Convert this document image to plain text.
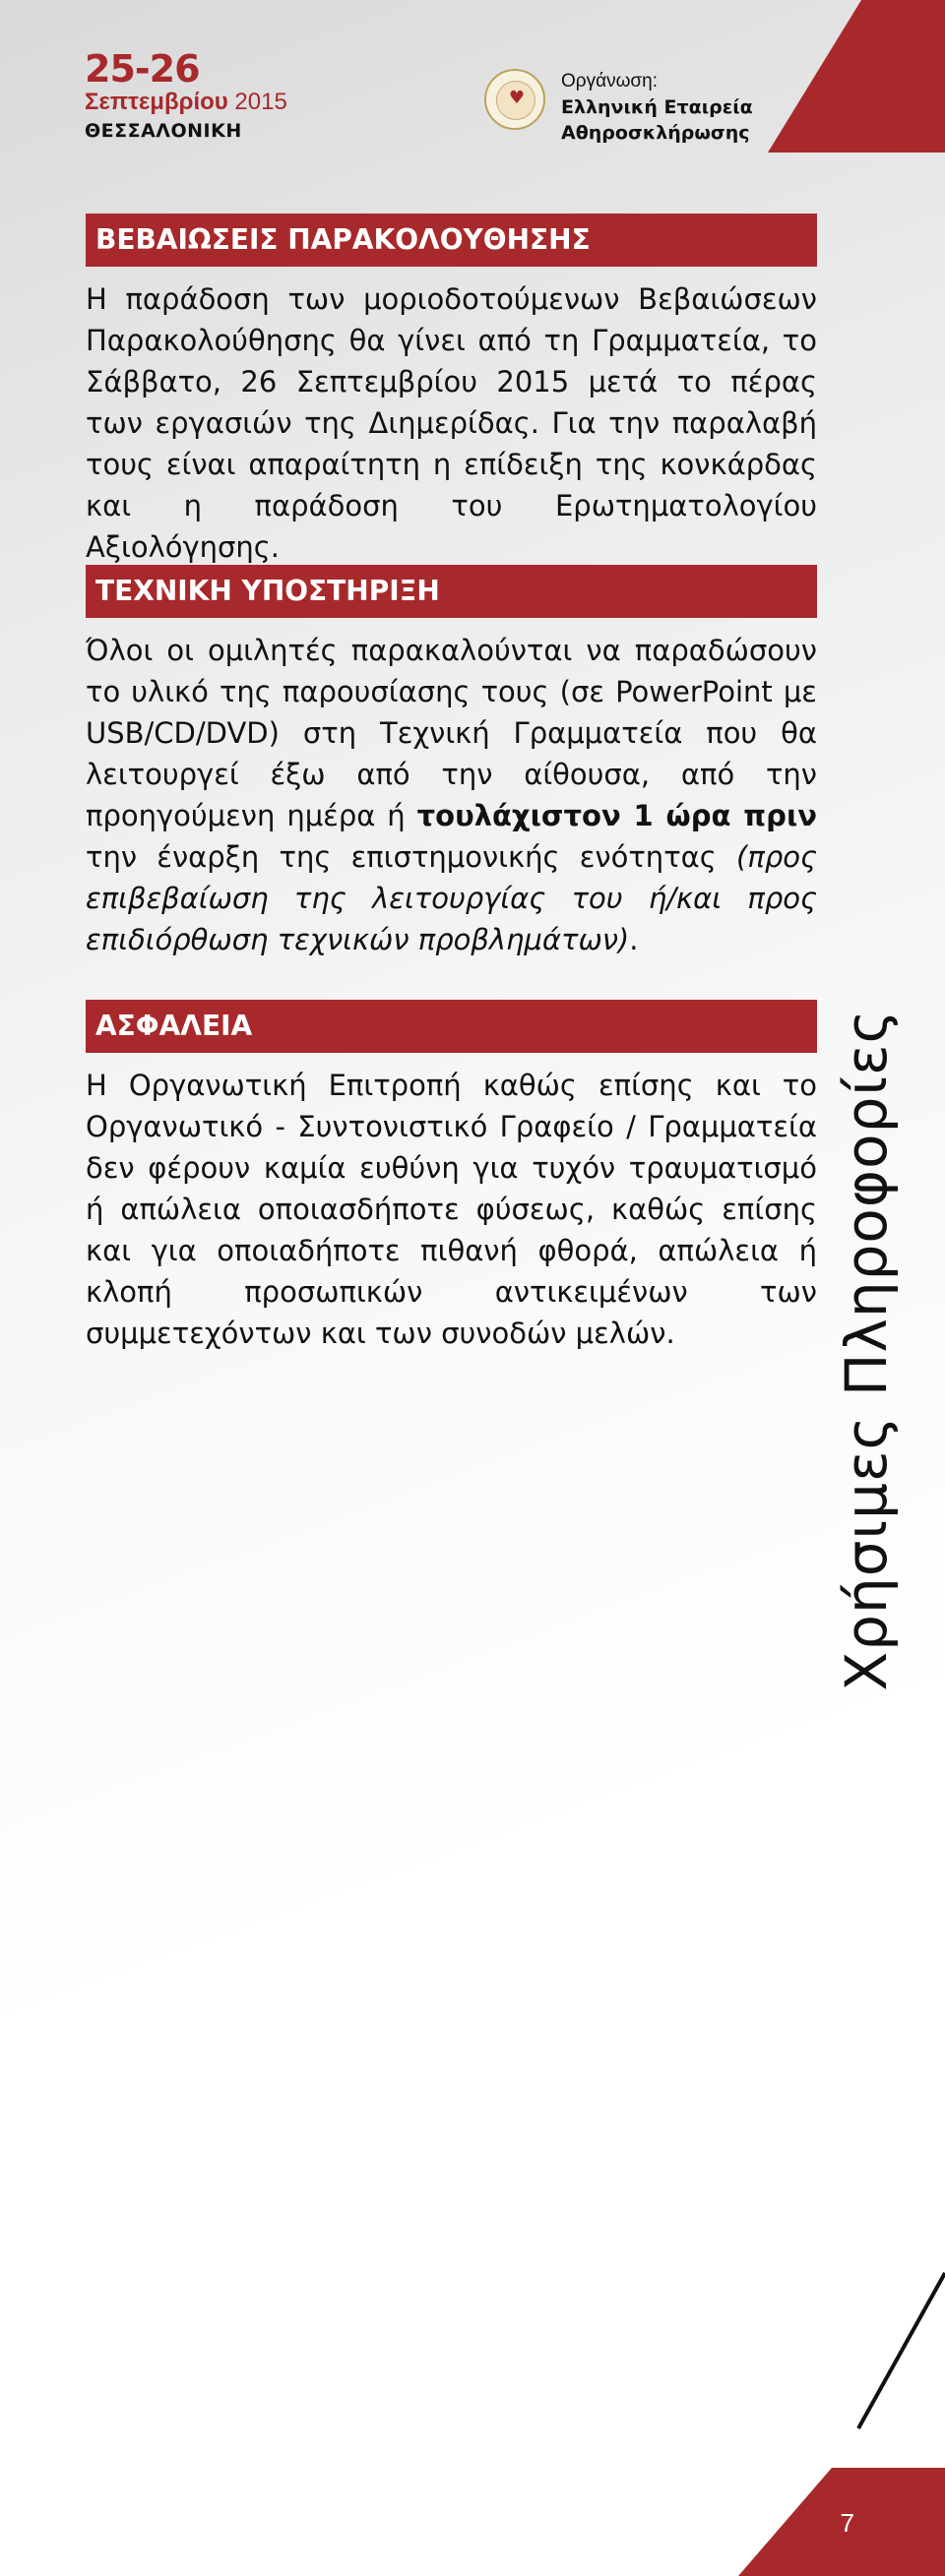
25-26
Σεπτεμβρίου 2015
ΘΕΣΣΑΛΟΝΙΚΗ
♥
Οργάνωση:
Ελληνική Εταιρεία
Αθηροσκλήρωσης
ΒΕΒΑΙΩΣΕΙΣ ΠΑΡΑΚΟΛΟΥΘΗΣΗΣ
Η παράδοση των μοριοδοτούμενων Βεβαιώσεων Παρακολούθησης θα γίνει από τη Γραμματεία, το Σάββατο, 26 Σεπτεμβρίου 2015 μετά το πέρας των εργασιών της Διημερίδας. Για την παραλαβή τους είναι απαραίτητη η επίδειξη της κονκάρδας και η παράδοση του Ερωτηματολογίου Αξιολόγησης.
ΤΕΧΝΙΚΗ ΥΠΟΣΤΗΡΙΞΗ
Όλοι οι ομιλητές παρακαλούνται να παραδώσουν το υλικό της παρουσίασης τους (σε PowerPoint με USB/CD/DVD) στη Τεχνική Γραμματεία που θα λειτουργεί έξω από την αίθουσα, από την προηγούμενη ημέρα ή τουλάχιστον 1 ώρα πριν την έναρξη της επιστημονικής ενότητας (προς επιβεβαίωση της λειτουργίας του ή/και προς επιδιόρθωση τεχνικών προβλημάτων).
ΑΣΦΑΛΕΙΑ
Η Οργανωτική Επιτροπή καθώς επίσης και το Οργανωτικό - Συντονιστικό Γραφείο / Γραμματεία δεν φέρουν καμία ευθύνη για τυχόν τραυματισμό ή απώλεια οποιασδήποτε φύσεως, καθώς επίσης και για οποιαδήποτε πιθανή φθορά, απώλεια ή κλοπή προσωπικών αντικειμένων των συμμετεχόντων και των συνοδών μελών.	Χρήσιμες Πληροφορίες
7
